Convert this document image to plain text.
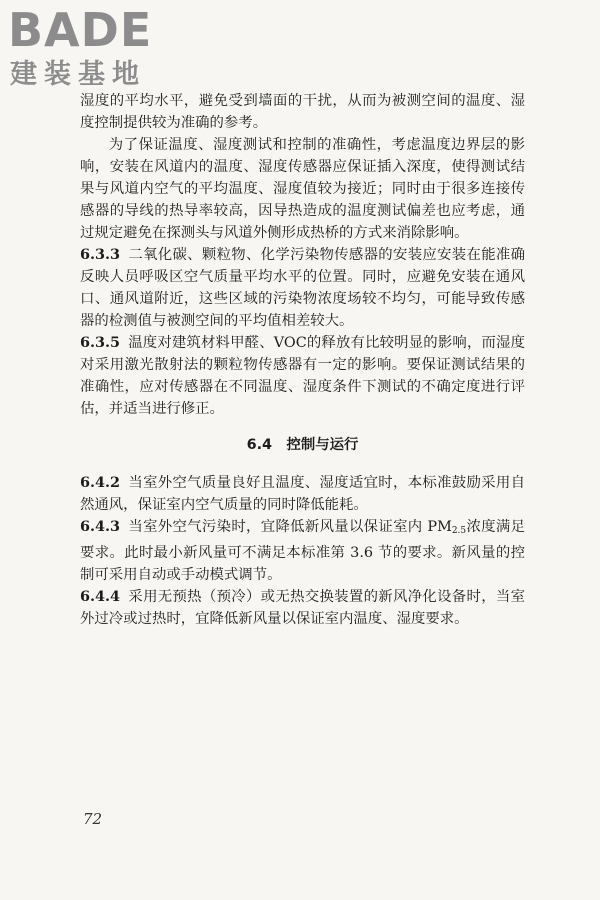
BADE
建装基地

湿度的平均水平，避免受到墙面的干扰，从而为被测空间的温度、湿度控制提供较为准确的参考。

为了保证温度、湿度测试和控制的准确性，考虑温度边界层的影响，安装在风道内的温度、湿度传感器应保证插入深度，使得测试结果与风道内空气的平均温度、湿度值较为接近；同时由于很多连接传感器的导线的热导率较高，因导热造成的温度测试偏差也应考虑，通过规定避免在探测头与风道外侧形成热桥的方式来消除影响。

6.3.3 二氧化碳、颗粒物、化学污染物传感器的安装应安装在能准确反映人员呼吸区空气质量平均水平的位置。同时，应避免安装在通风口、通风道附近，这些区域的污染物浓度场较不均匀，可能导致传感器的检测值与被测空间的平均值相差较大。

6.3.5 温度对建筑材料甲醛、VOC的释放有比较明显的影响，而湿度对采用激光散射法的颗粒物传感器有一定的影响。要保证测试结果的准确性，应对传感器在不同温度、湿度条件下测试的不确定度进行评估，并适当进行修正。

6.4　控制与运行

6.4.2 当室外空气质量良好且温度、湿度适宜时，本标准鼓励采用自然通风，保证室内空气质量的同时降低能耗。

6.4.3 当室外空气污染时，宜降低新风量以保证室内 $PM_{2.5}$浓度满足要求。此时最小新风量可不满足本标准第 3.6 节的要求。新风量的控制可采用自动或手动模式调节。

6.4.4 采用无预热（预冷）或无热交换装置的新风净化设备时，当室外过冷或过热时，宜降低新风量以保证室内温度、湿度要求。

72
